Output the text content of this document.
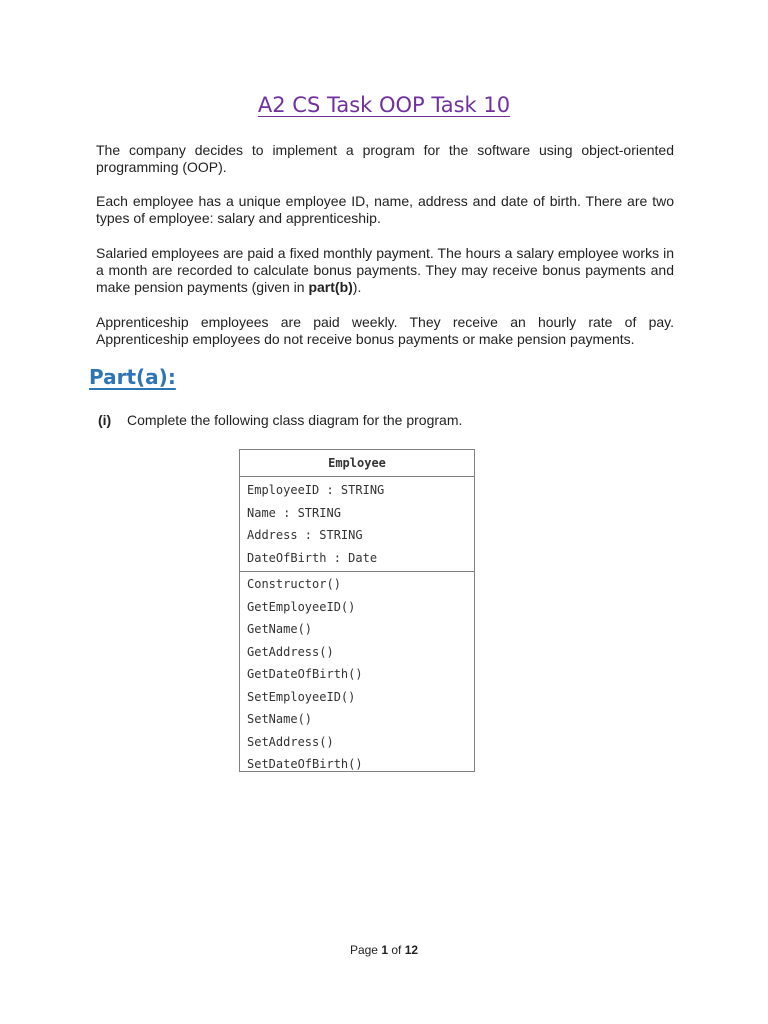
A2 CS Task OOP Task 10

The company decides to implement a program for the software using object-oriented programming (OOP).

Each employee has a unique employee ID, name, address and date of birth. There are two types of employee: salary and apprenticeship.

Salaried employees are paid a fixed monthly payment. The hours a salary employee works in a month are recorded to calculate bonus payments. They may receive bonus payments and make pension payments (given in part(b)).

Apprenticeship employees are paid weekly. They receive an hourly rate of pay. Apprenticeship employees do not receive bonus payments or make pension payments.

Part(a):

(i) Complete the following class diagram for the program.

Employee
EmployeeID : STRING
Name : STRING
Address : STRING
DateOfBirth : Date
Constructor()
GetEmployeeID()
GetName()
GetAddress()
GetDateOfBirth()
SetEmployeeID()
SetName()
SetAddress()
SetDateOfBirth()
Page 1 of 12
